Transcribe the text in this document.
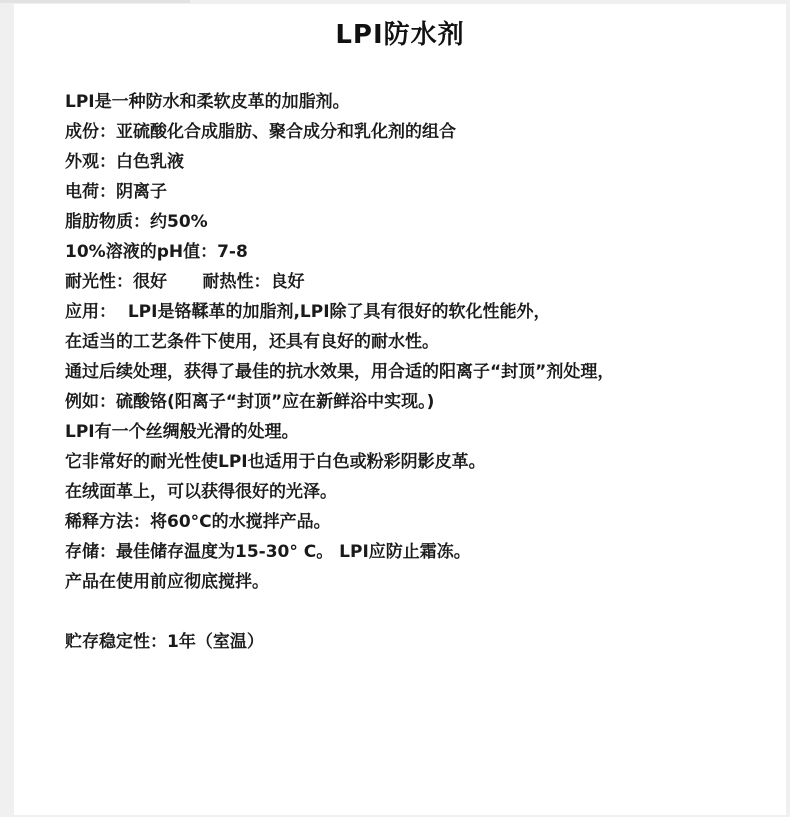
LPI防水剂
LPI是一种防水和柔软皮革的加脂剂。
成份：亚硫酸化合成脂肪、聚合成分和乳化剂的组合
外观：白色乳液
电荷：阴离子
脂肪物质：约50%
10%溶液的pH值：7-8
耐光性：很好      耐热性：良好
应用：  LPI是铬鞣革的加脂剂,LPI除了具有很好的软化性能外，
在适当的工艺条件下使用，还具有良好的耐水性。
通过后续处理，获得了最佳的抗水效果，用合适的阳离子“封顶”剂处理，
例如：硫酸铬(阳离子“封顶”应在新鲜浴中实现。)
LPI有一个丝绸般光滑的处理。
它非常好的耐光性使LPI也适用于白色或粉彩阴影皮革。
在绒面革上，可以获得很好的光泽。
稀释方法：将60°C的水搅拌产品。
存储：最佳储存温度为15-30° C。 LPI应防止霜冻。
产品在使用前应彻底搅拌。
贮存稳定性：1年（室温）
